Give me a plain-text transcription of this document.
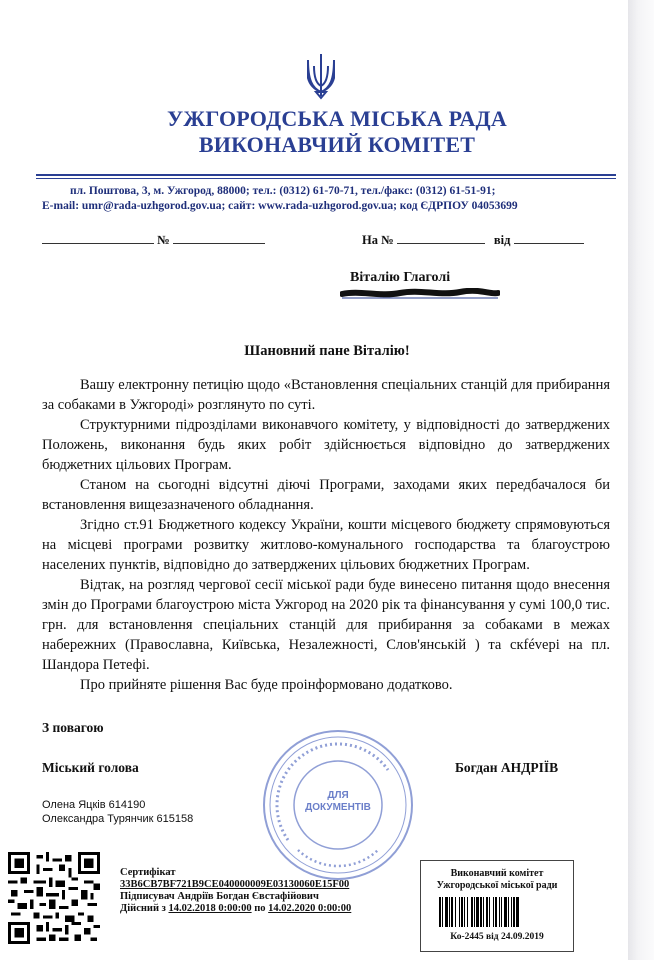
УЖГОРОДСЬКА МІСЬКА РАДА
ВИКОНАВЧИЙ КОМІТЕТ
пл. Поштова, 3, м. Ужгород, 88000; тел.: (0312) 61-70-71, тел./факс: (0312) 61-51-91;
E-mail: umr@rada-uzhgorod.gov.ua; сайт: www.rada-uzhgorod.gov.ua; код ЄДРПОУ 04053699
№	На №	від
Віталію Глаголі
Шановний пане Віталію!

Вашу електронну петицію щодо «Встановлення спеціальних станцій для прибирання за собаками в Ужгороді» розглянуто по суті.

Структурними підрозділами виконавчого комітету, у відповідності до затверджених Положень, виконання будь яких робіт здійснюється відповідно до затверджених бюджетних цільових Програм.

Станом на сьогодні відсутні діючі Програми, заходами яких передбачалося би встановлення вищезазначеного обладнання.

Згідно ст.91 Бюджетного кодексу України, кошти місцевого бюджету спрямовуються на місцеві програми розвитку житлово-комунального господарства та благоустрою населених пунктів, відповідно до затверджених цільових бюджетних Програм.

Відтак, на розгляд чергової сесії міської ради буде винесено питання щодо внесення змін до Програми благоустрою міста Ужгород на 2020 рік та фінансування у сумі 100,0 тис. грн. для встановлення спеціальних станцій для прибирання за собаками в межах набережних (Православна, Київська, Незалежності, Слов'янській ) та скfévері на пл. Шандора Петефі.

Про прийняте рішення Вас буде проінформовано додатково.

З повагою
Міський голова	Богдан АНДРІЇВ
Олена Яцків 614190
Олександра Турянчик 615158
ДЛЯ
ДОКУМЕНТІВ
Сертифікат
33B6CB7BF721B9CE040000009E03130060E15F00
Підписувач Андріїв Богдан Євстафійович
Дійсний з 14.02.2018 0:00:00 по 14.02.2020 0:00:00
Виконавчий комітет
Ужгородської міської ради
Ко-2445 від 24.09.2019
